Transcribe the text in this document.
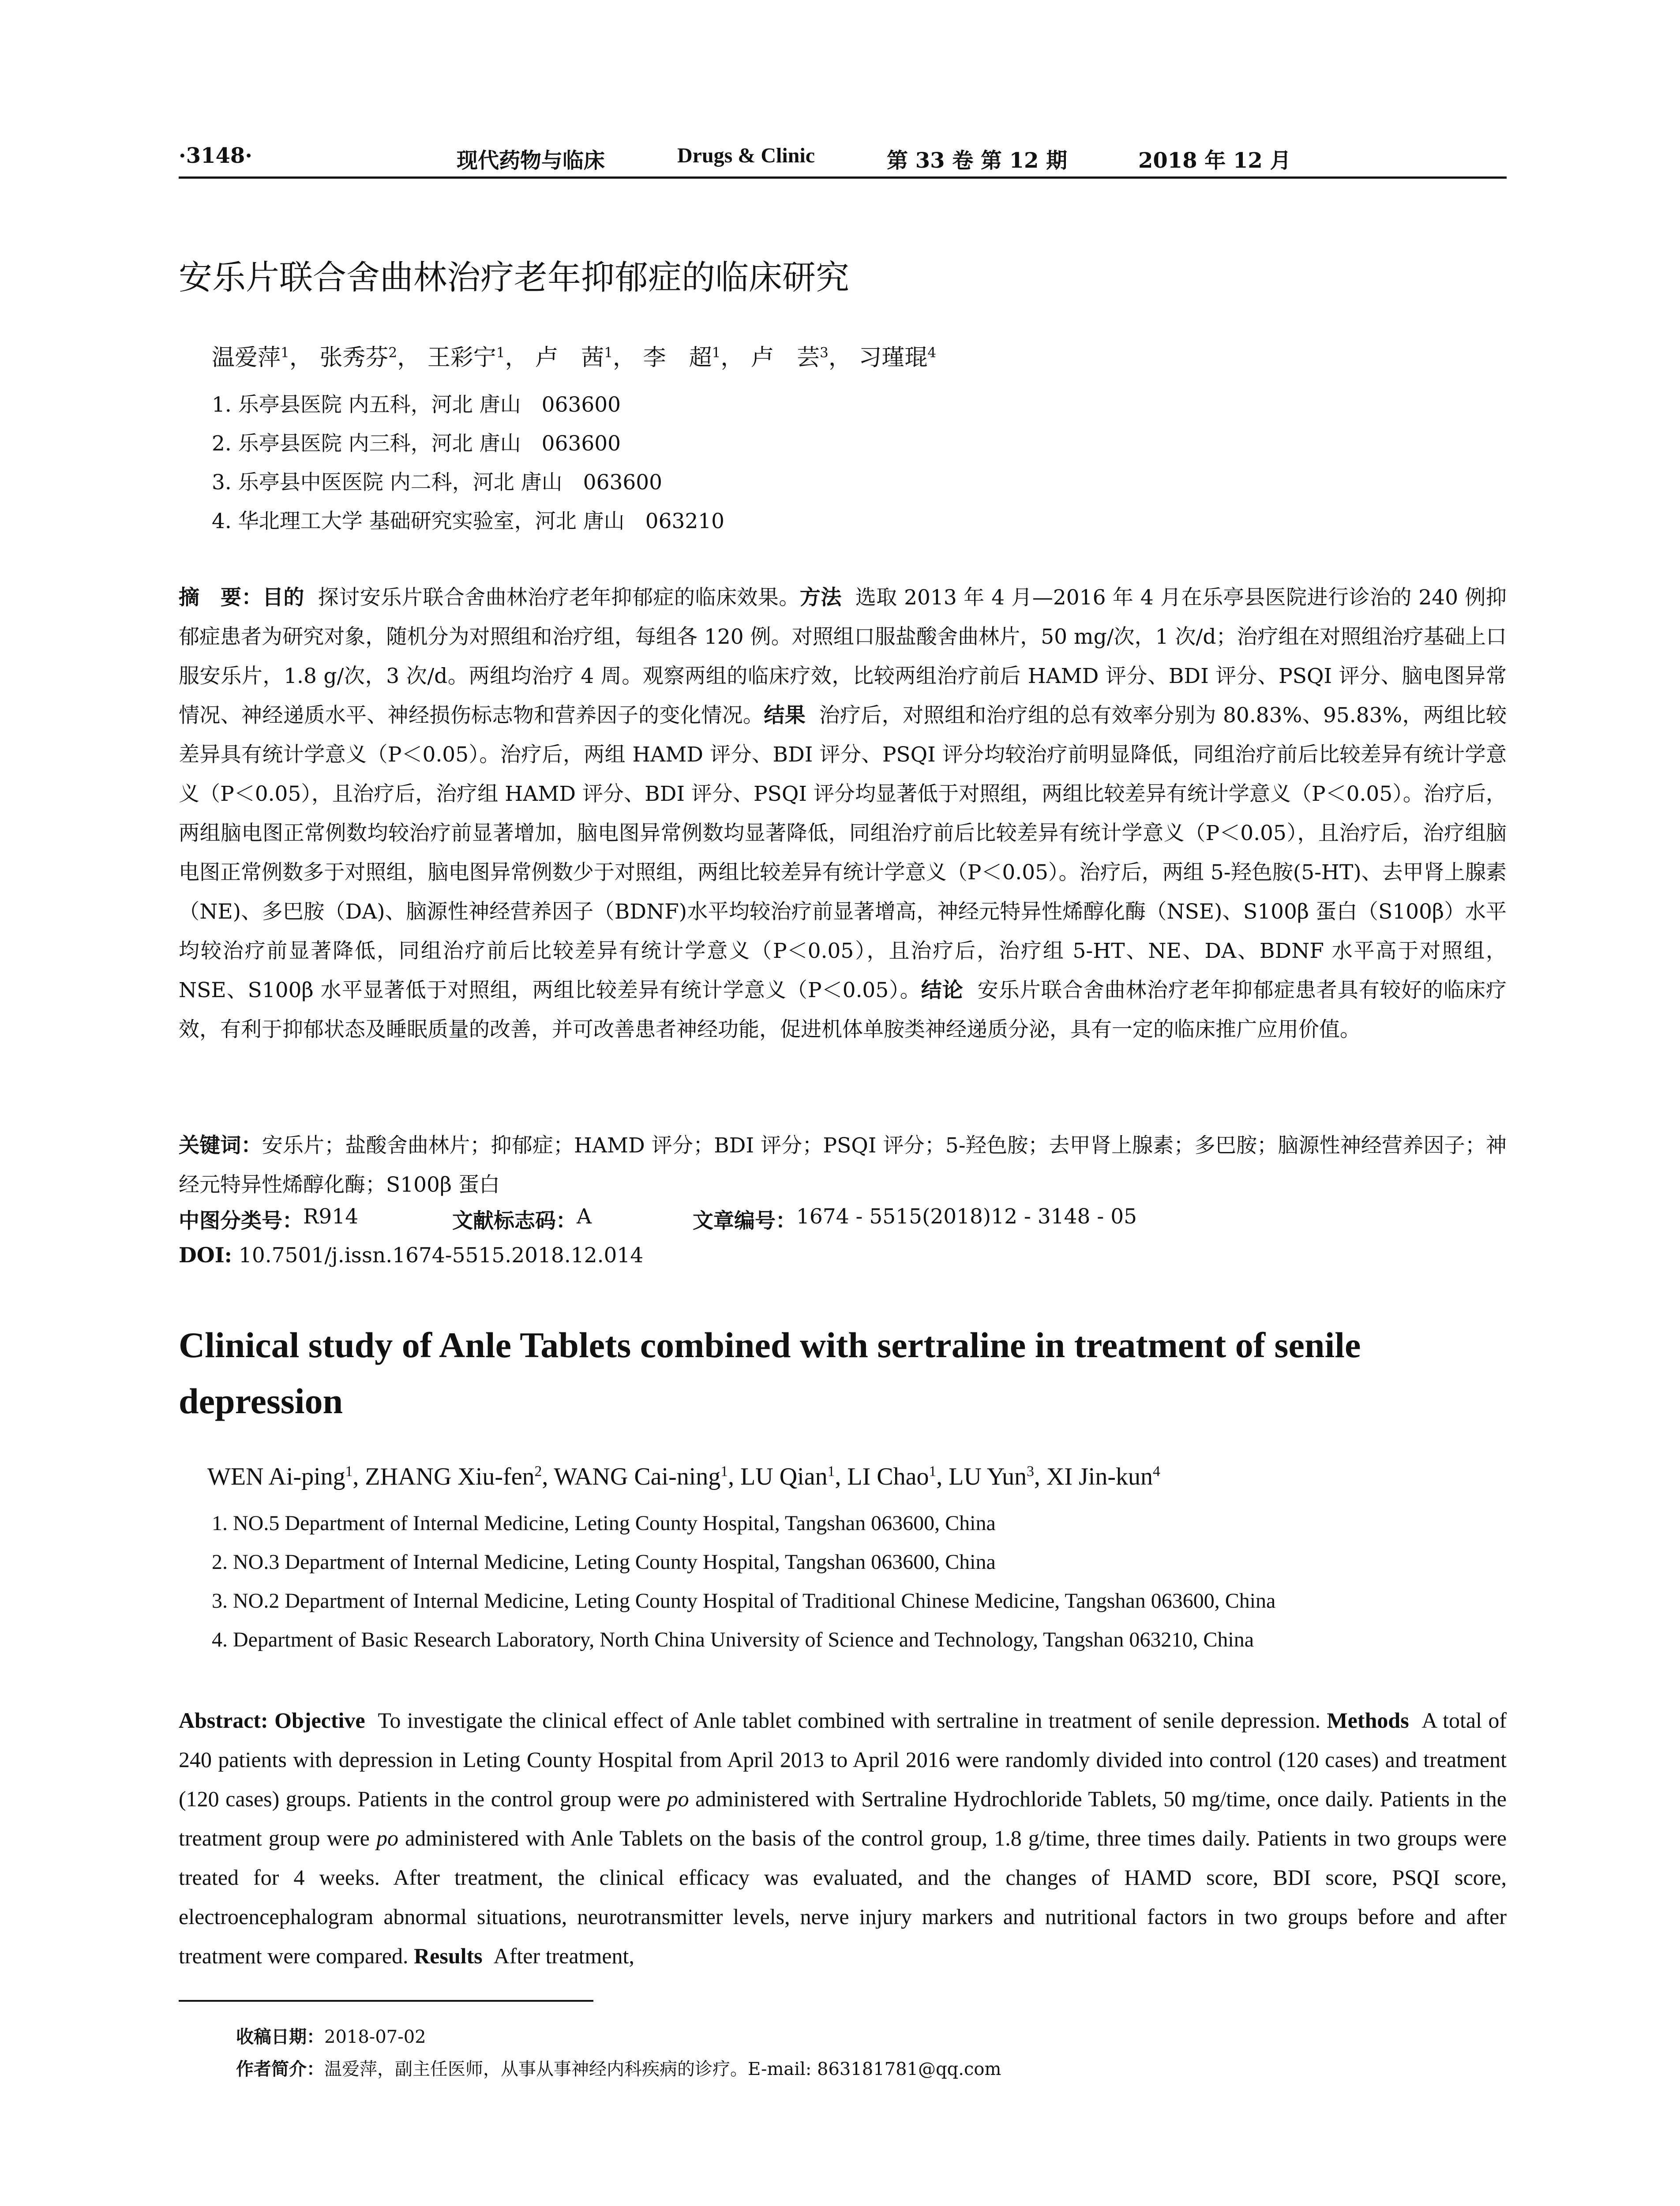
·3148·	现代药物与临床	Drugs & Clinic	第 33 卷 第 12 期	2018 年 12 月
安乐片联合舍曲林治疗老年抑郁症的临床研究
温爱萍$^1$， 张秀芬$^2$， 王彩宁$^1$， 卢　茜$^1$， 李　超$^1$， 卢　芸$^3$， 习瑾琨$^4$
1. 乐亭县医院 内五科，河北 唐山　063600
2. 乐亭县医院 内三科，河北 唐山　063600
3. 乐亭县中医医院 内二科，河北 唐山　063600
4. 华北理工大学 基础研究实验室，河北 唐山　063210
摘　要：目的 探讨安乐片联合舍曲林治疗老年抑郁症的临床效果。方法 选取 2013 年 4 月—2016 年 4 月在乐亭县医院进行诊治的 240 例抑郁症患者为研究对象，随机分为对照组和治疗组，每组各 120 例。对照组口服盐酸舍曲林片，50 mg/次，1 次/d；治疗组在对照组治疗基础上口服安乐片，1.8 g/次，3 次/d。两组均治疗 4 周。观察两组的临床疗效，比较两组治疗前后 HAMD 评分、BDI 评分、PSQI 评分、脑电图异常情况、神经递质水平、神经损伤标志物和营养因子的变化情况。结果 治疗后，对照组和治疗组的总有效率分别为 80.83%、95.83%，两组比较差异具有统计学意义（P＜0.05）。治疗后，两组 HAMD 评分、BDI 评分、PSQI 评分均较治疗前明显降低，同组治疗前后比较差异有统计学意义（P＜0.05），且治疗后，治疗组 HAMD 评分、BDI 评分、PSQI 评分均显著低于对照组，两组比较差异有统计学意义（P＜0.05）。治疗后，两组脑电图正常例数均较治疗前显著增加，脑电图异常例数均显著降低，同组治疗前后比较差异有统计学意义（P＜0.05），且治疗后，治疗组脑电图正常例数多于对照组，脑电图异常例数少于对照组，两组比较差异有统计学意义（P＜0.05）。治疗后，两组 5-羟色胺(5-HT)、去甲肾上腺素（NE)、多巴胺（DA)、脑源性神经营养因子（BDNF)水平均较治疗前显著增高，神经元特异性烯醇化酶（NSE)、S100β 蛋白（S100β）水平均较治疗前显著降低，同组治疗前后比较差异有统计学意义（P＜0.05），且治疗后，治疗组 5-HT、NE、DA、BDNF 水平高于对照组，NSE、S100β 水平显著低于对照组，两组比较差异有统计学意义（P＜0.05）。结论 安乐片联合舍曲林治疗老年抑郁症患者具有较好的临床疗效，有利于抑郁状态及睡眠质量的改善，并可改善患者神经功能，促进机体单胺类神经递质分泌，具有一定的临床推广应用价值。
关键词：安乐片；盐酸舍曲林片；抑郁症；HAMD 评分；BDI 评分；PSQI 评分；5-羟色胺；去甲肾上腺素；多巴胺；脑源性神经营养因子；神经元特异性烯醇化酶；S100β 蛋白
中图分类号： R914	文献标志码： A	文章编号： 1674 - 5515(2018)12 - 3148 - 05
DOI: 10.7501/j.issn.1674-5515.2018.12.014
Clinical study of Anle Tablets combined with sertraline in treatment of senile depression
WEN Ai-ping$^1$, ZHANG Xiu-fen$^2$, WANG Cai-ning$^1$, LU Qian$^1$, LI Chao$^1$, LU Yun$^3$, XI Jin-kun$^4$
1. NO.5 Department of Internal Medicine, Leting County Hospital, Tangshan 063600, China
2. NO.3 Department of Internal Medicine, Leting County Hospital, Tangshan 063600, China
3. NO.2 Department of Internal Medicine, Leting County Hospital of Traditional Chinese Medicine, Tangshan 063600, China
4. Department of Basic Research Laboratory, North China University of Science and Technology, Tangshan 063210, China
Abstract: Objective To investigate the clinical effect of Anle tablet combined with sertraline in treatment of senile depression. Methods A total of 240 patients with depression in Leting County Hospital from April 2013 to April 2016 were randomly divided into control (120 cases) and treatment (120 cases) groups. Patients in the control group were po administered with Sertraline Hydrochloride Tablets, 50 mg/time, once daily. Patients in the treatment group were po administered with Anle Tablets on the basis of the control group, 1.8 g/time, three times daily. Patients in two groups were treated for 4 weeks. After treatment, the clinical efficacy was evaluated, and the changes of HAMD score, BDI score, PSQI score, electroencephalogram abnormal situations, neurotransmitter levels, nerve injury markers and nutritional factors in two groups before and after treatment were compared. Results After treatment,
收稿日期：2018-07-02
作者简介：温爱萍，副主任医师，从事从事神经内科疾病的诊疗。E-mail: 863181781@qq.com
